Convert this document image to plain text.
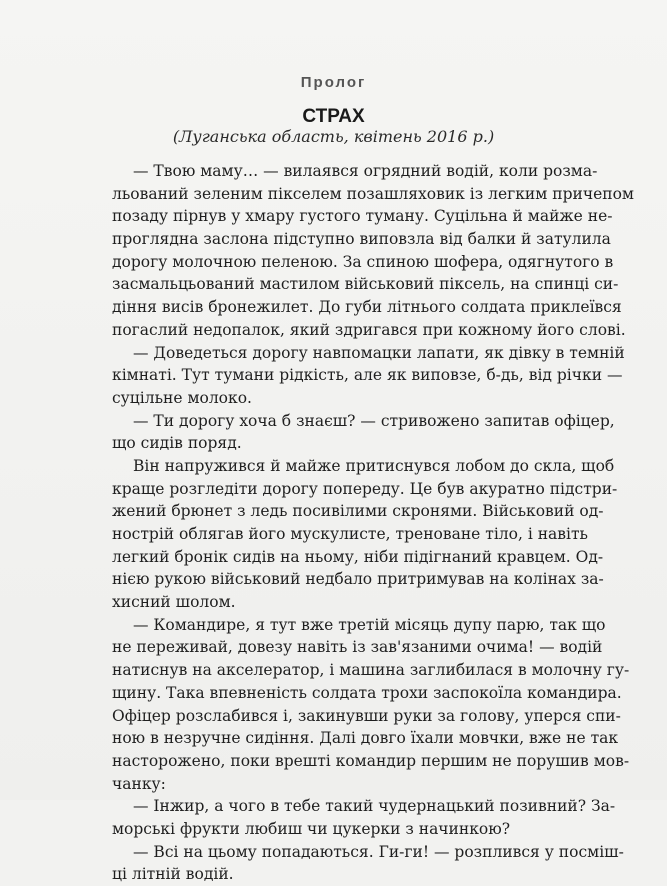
Пролог
СТРАХ
(Луганська область, квітень 2016 р.)
— Твою маму… — вилаявся огрядний водій, коли розма-
льований зеленим пікселем позашляховик із легким причепом
позаду пірнув у хмару густого туману. Суцільна й майже не-
проглядна заслона підступно виповзла від балки й затулила
дорогу молочною пеленою. За спиною шофера, одягнутого в
засмальцьований мастилом військовий піксель, на спинці си-
діння висів бронежилет. До губи літнього солдата приклеївся
погаслий недопалок, який здригався при кожному його слові.
— Доведеться дорогу навпомацки лапати, як дівку в темній
кімнаті. Тут тумани рідкість, але як виповзе, б-дь, від річки —
суцільне молоко.
— Ти дорогу хоча б знаєш? — стривожено запитав офіцер,
що сидів поряд.
Він напружився й майже притиснувся лобом до скла, щоб
краще розгледіти дорогу попереду. Це був акуратно підстри-
жений брюнет з ледь посивілими скронями. Військовий од-
нострій облягав його мускулисте, треноване тіло, і навіть
легкий бронік сидів на ньому, ніби підігнаний кравцем. Од-
нією рукою військовий недбало притримував на колінах за-
хисний шолом.
— Командире, я тут вже третій місяць дупу парю, так що
не переживай, довезу навіть із зав'язаними очима! — водій
натиснув на акселератор, і машина заглибилася в молочну гу-
щину. Така впевненість солдата трохи заспокоїла командира.
Офіцер розслабився і, закинувши руки за голову, уперся спи-
ною в незручне сидіння. Далі довго їхали мовчки, вже не так
насторожено, поки врешті командир першим не порушив мов-
чанку:
— Інжир, а чого в тебе такий чудернацький позивний? За-
морські фрукти любиш чи цукерки з начинкою?
— Всі на цьому попадаються. Ги-ги! — розплився у посміш-
ці літній водій.
